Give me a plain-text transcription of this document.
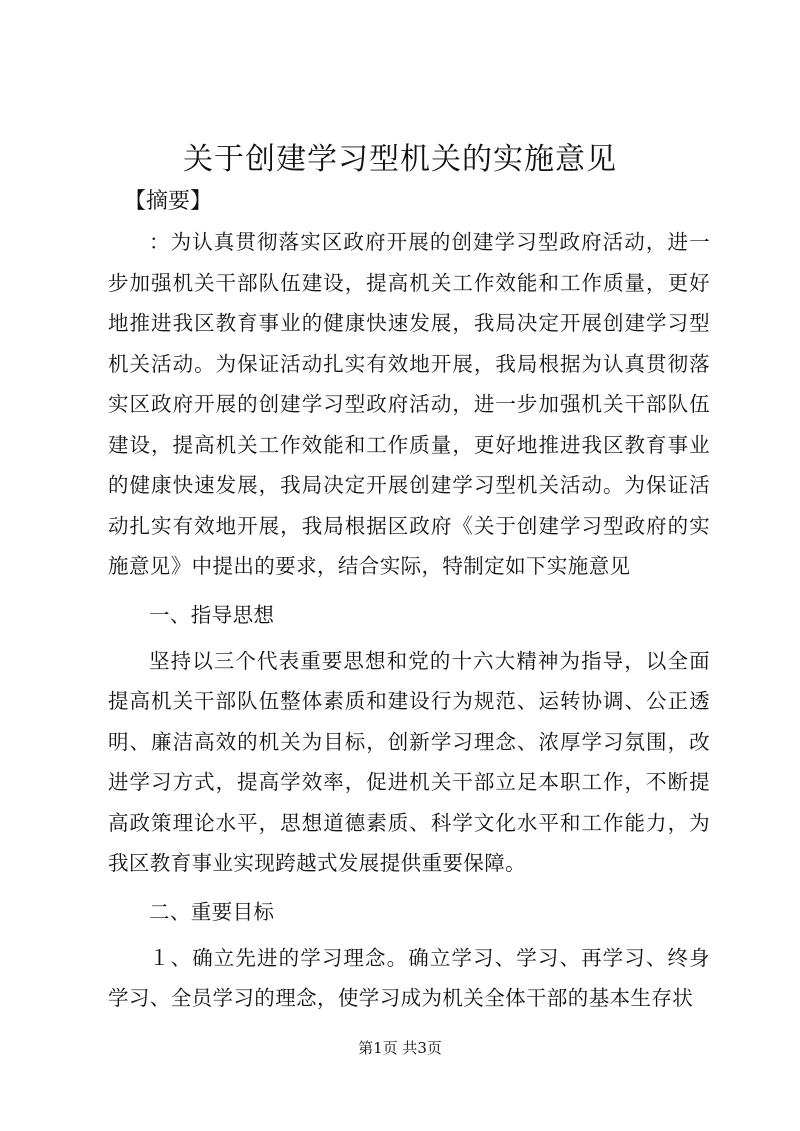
关于创建学习型机关的实施意见
【摘要】

：为认真贯彻落实区政府开展的创建学习型政府活动，进一步加强机关干部队伍建设，提高机关工作效能和工作质量，更好地推进我区教育事业的健康快速发展，我局决定开展创建学习型机关活动。为保证活动扎实有效地开展，我局根据为认真贯彻落实区政府开展的创建学习型政府活动，进一步加强机关干部队伍建设，提高机关工作效能和工作质量，更好地推进我区教育事业的健康快速发展，我局决定开展创建学习型机关活动。为保证活动扎实有效地开展，我局根据区政府《关于创建学习型政府的实施意见》中提出的要求，结合实际，特制定如下实施意见

一、指导思想

坚持以三个代表重要思想和党的十六大精神为指导，以全面提高机关干部队伍整体素质和建设行为规范、运转协调、公正透明、廉洁高效的机关为目标，创新学习理念、浓厚学习氛围，改进学习方式，提高学效率，促进机关干部立足本职工作，不断提高政策理论水平，思想道德素质、科学文化水平和工作能力，为我区教育事业实现跨越式发展提供重要保障。

二、重要目标

１、确立先进的学习理念。确立学习、学习、再学习、终身学习、全员学习的理念，使学习成为机关全体干部的基本生存状

第1页 共3页
